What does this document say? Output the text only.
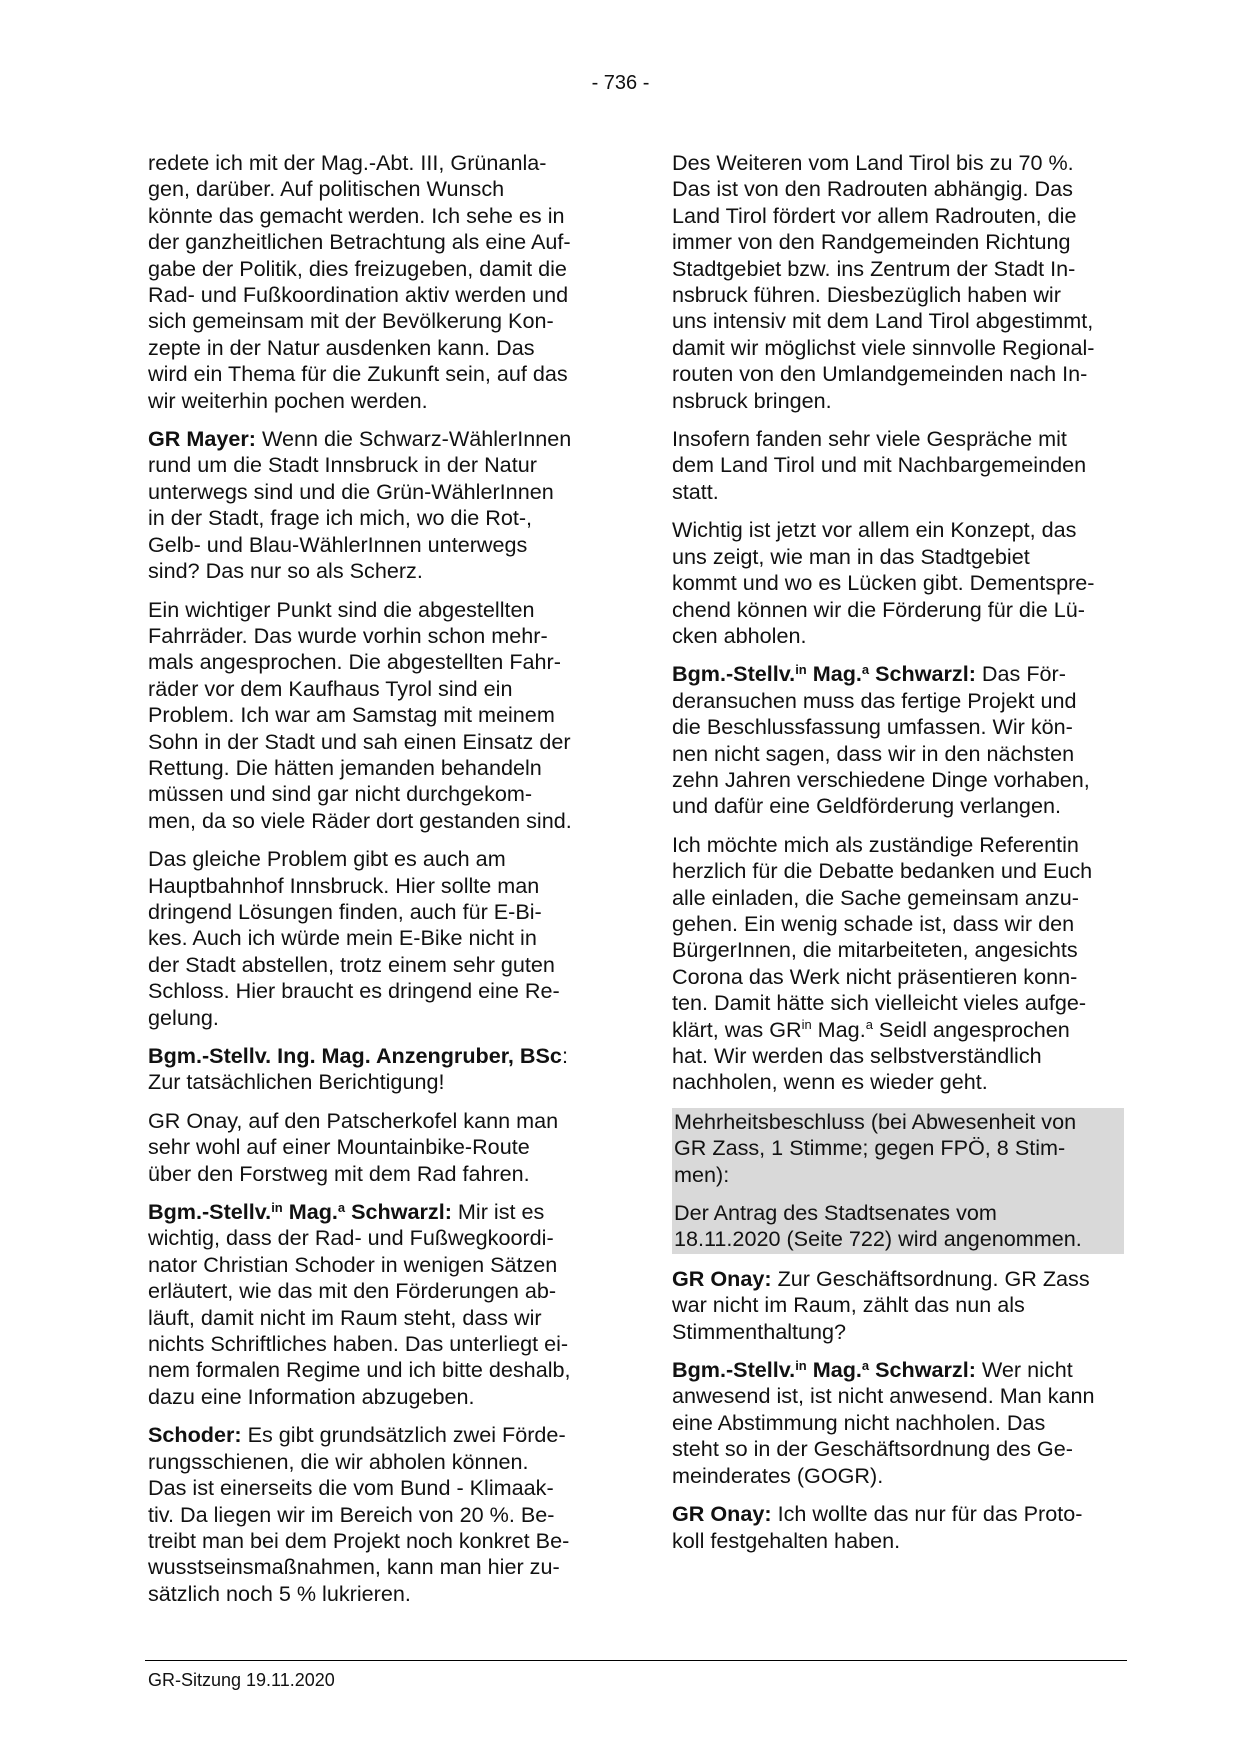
- 736 -

redete ich mit der Mag.-Abt. III, Grünanla-
gen, darüber. Auf politischen Wunsch
könnte das gemacht werden. Ich sehe es in
der ganzheitlichen Betrachtung als eine Auf-
gabe der Politik, dies freizugeben, damit die
Rad- und Fußkoordination aktiv werden und
sich gemeinsam mit der Bevölkerung Kon-
zepte in der Natur ausdenken kann. Das
wird ein Thema für die Zukunft sein, auf das
wir weiterhin pochen werden.

GR Mayer: Wenn die Schwarz-WählerInnen
rund um die Stadt Innsbruck in der Natur
unterwegs sind und die Grün-WählerInnen
in der Stadt, frage ich mich, wo die Rot-,
Gelb- und Blau-WählerInnen unterwegs
sind? Das nur so als Scherz.

Ein wichtiger Punkt sind die abgestellten
Fahrräder. Das wurde vorhin schon mehr-
mals angesprochen. Die abgestellten Fahr-
räder vor dem Kaufhaus Tyrol sind ein
Problem. Ich war am Samstag mit meinem
Sohn in der Stadt und sah einen Einsatz der
Rettung. Die hätten jemanden behandeln
müssen und sind gar nicht durchgekom-
men, da so viele Räder dort gestanden sind.

Das gleiche Problem gibt es auch am
Hauptbahnhof Innsbruck. Hier sollte man
dringend Lösungen finden, auch für E-Bi-
kes. Auch ich würde mein E-Bike nicht in
der Stadt abstellen, trotz einem sehr guten
Schloss. Hier braucht es dringend eine Re-
gelung.

Bgm.-Stellv. Ing. Mag. Anzengruber, BSc:
Zur tatsächlichen Berichtigung!

GR Onay, auf den Patscherkofel kann man
sehr wohl auf einer Mountainbike-Route
über den Forstweg mit dem Rad fahren.

Bgm.-Stellv.$^{in}$ Mag.$^a$ Schwarzl: Mir ist es
wichtig, dass der Rad- und Fußwegkoordi-
nator Christian Schoder in wenigen Sätzen
erläutert, wie das mit den Förderungen ab-
läuft, damit nicht im Raum steht, dass wir
nichts Schriftliches haben. Das unterliegt ei-
nem formalen Regime und ich bitte deshalb,
dazu eine Information abzugeben.

Schoder: Es gibt grundsätzlich zwei Förde-
rungsschienen, die wir abholen können.
Das ist einerseits die vom Bund - Klimaak-
tiv. Da liegen wir im Bereich von 20 %. Be-
treibt man bei dem Projekt noch konkret Be-
wusstseinsmaßnahmen, kann man hier zu-
sätzlich noch 5 % lukrieren.

Des Weiteren vom Land Tirol bis zu 70 %.
Das ist von den Radrouten abhängig. Das
Land Tirol fördert vor allem Radrouten, die
immer von den Randgemeinden Richtung
Stadtgebiet bzw. ins Zentrum der Stadt In-
nsbruck führen. Diesbezüglich haben wir
uns intensiv mit dem Land Tirol abgestimmt,
damit wir möglichst viele sinnvolle Regional-
routen von den Umlandgemeinden nach In-
nsbruck bringen.

Insofern fanden sehr viele Gespräche mit
dem Land Tirol und mit Nachbargemeinden
statt.

Wichtig ist jetzt vor allem ein Konzept, das
uns zeigt, wie man in das Stadtgebiet
kommt und wo es Lücken gibt. Dementspre-
chend können wir die Förderung für die Lü-
cken abholen.

Bgm.-Stellv.$^{in}$ Mag.$^a$ Schwarzl: Das För-
deransuchen muss das fertige Projekt und
die Beschlussfassung umfassen. Wir kön-
nen nicht sagen, dass wir in den nächsten
zehn Jahren verschiedene Dinge vorhaben,
und dafür eine Geldförderung verlangen.

Ich möchte mich als zuständige Referentin
herzlich für die Debatte bedanken und Euch
alle einladen, die Sache gemeinsam anzu-
gehen. Ein wenig schade ist, dass wir den
BürgerInnen, die mitarbeiteten, angesichts
Corona das Werk nicht präsentieren konn-
ten. Damit hätte sich vielleicht vieles aufge-
klärt, was $GR^{in}$ Mag.$^a$ Seidl angesprochen
hat. Wir werden das selbstverständlich
nachholen, wenn es wieder geht.

Mehrheitsbeschluss (bei Abwesenheit von
GR Zass, 1 Stimme; gegen FPÖ, 8 Stim-
men):

Der Antrag des Stadtsenates vom
18.11.2020 (Seite 722) wird angenommen.

GR Onay: Zur Geschäftsordnung. GR Zass
war nicht im Raum, zählt das nun als
Stimmenthaltung?

Bgm.-Stellv.$^{in}$ Mag.$^a$ Schwarzl: Wer nicht
anwesend ist, ist nicht anwesend. Man kann
eine Abstimmung nicht nachholen. Das
steht so in der Geschäftsordnung des Ge-
meinderates (GOGR).

GR Onay: Ich wollte das nur für das Proto-
koll festgehalten haben.

GR-Sitzung 19.11.2020
